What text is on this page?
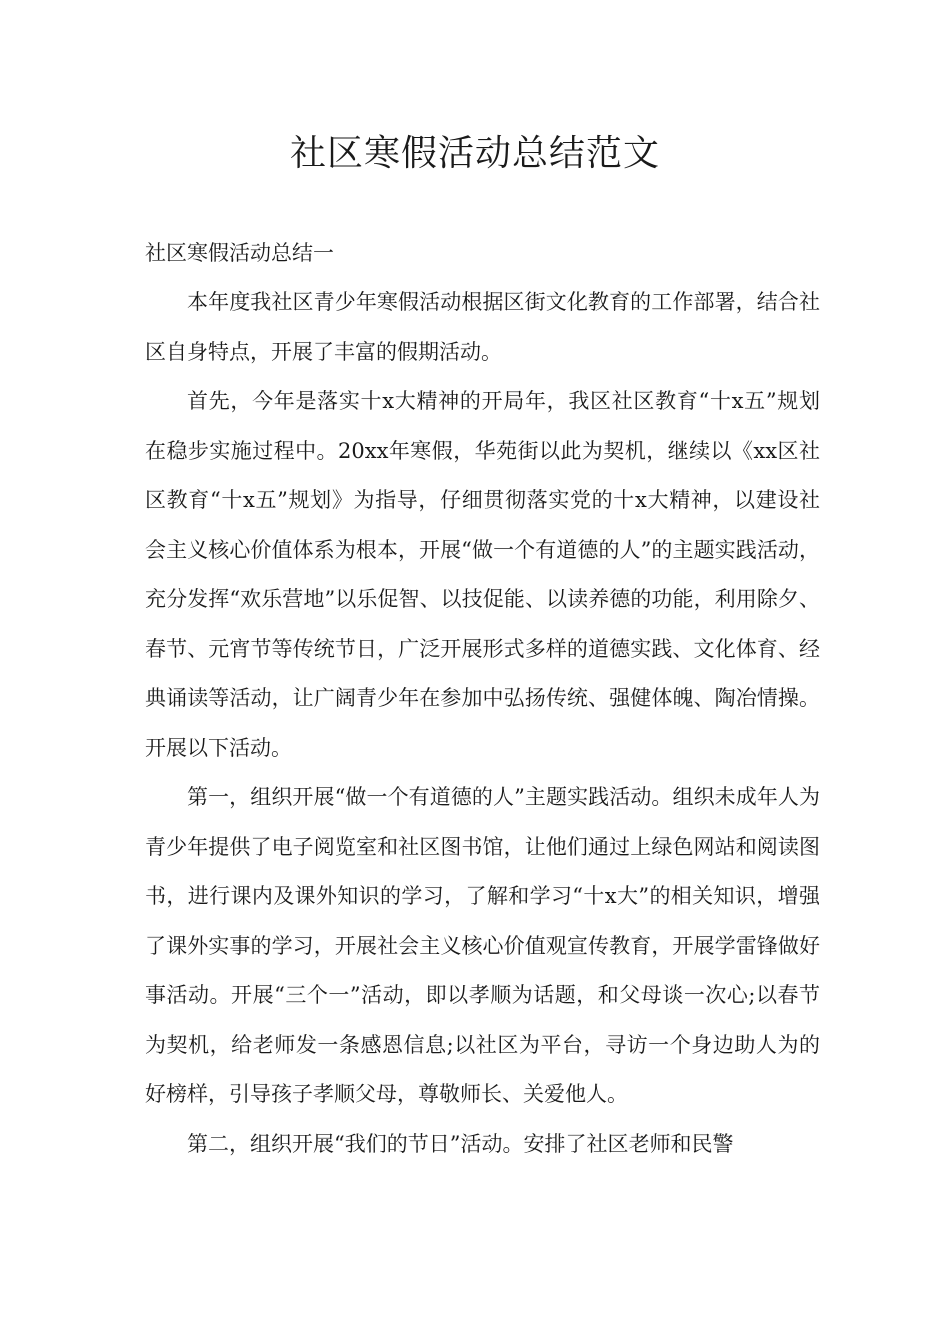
社区寒假活动总结范文

社区寒假活动总结一

本年度我社区青少年寒假活动根据区街文化教育的工作部署，结合社区自身特点，开展了丰富的假期活动。

首先，今年是落实十x大精神的开局年，我区社区教育“十x五”规划在稳步实施过程中。20xx年寒假，华苑街以此为契机，继续以《xx区社区教育“十x五”规划》为指导，仔细贯彻落实党的十x大精神，以建设社会主义核心价值体系为根本，开展“做一个有道德的人”的主题实践活动，充分发挥“欢乐营地”以乐促智、以技促能、以读养德的功能，利用除夕、春节、元宵节等传统节日，广泛开展形式多样的道德实践、文化体育、经典诵读等活动，让广阔青少年在参加中弘扬传统、强健体魄、陶冶情操。开展以下活动。

第一，组织开展“做一个有道德的人”主题实践活动。组织未成年人为青少年提供了电子阅览室和社区图书馆，让他们通过上绿色网站和阅读图书，进行课内及课外知识的学习，了解和学习“十x大”的相关知识，增强了课外实事的学习，开展社会主义核心价值观宣传教育，开展学雷锋做好事活动。开展“三个一”活动，即以孝顺为话题，和父母谈一次心;以春节为契机，给老师发一条感恩信息;以社区为平台，寻访一个身边助人为的好榜样，引导孩子孝顺父母，尊敬师长、关爱他人。

第二，组织开展“我们的节日”活动。安排了社区老师和民警
